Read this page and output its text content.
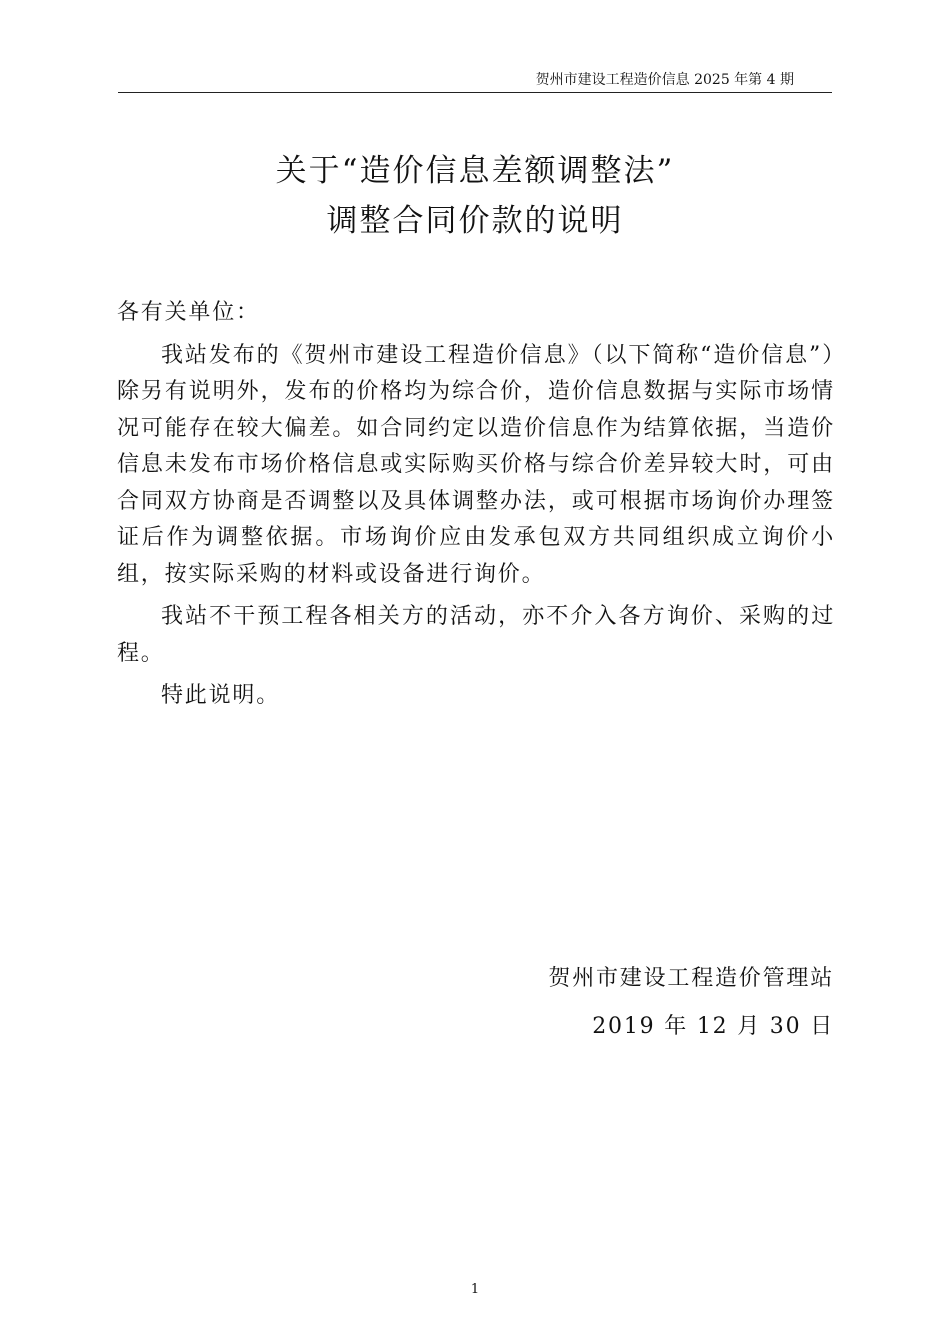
贺州市建设工程造价信息 2025 年第 4 期
关于“造价信息差额调整法”
调整合同价款的说明

各有关单位：

我站发布的《贺州市建设工程造价信息》（以下简称“造价信息”）除另有说明外，发布的价格均为综合价，造价信息数据与实际市场情况可能存在较大偏差。如合同约定以造价信息作为结算依据，当造价信息未发布市场价格信息或实际购买价格与综合价差异较大时，可由合同双方协商是否调整以及具体调整办法，或可根据市场询价办理签证后作为调整依据。市场询价应由发承包双方共同组织成立询价小组，按实际采购的材料或设备进行询价。

我站不干预工程各相关方的活动，亦不介入各方询价、采购的过程。

特此说明。

贺州市建设工程造价管理站
2019 年 12 月 30 日
1
